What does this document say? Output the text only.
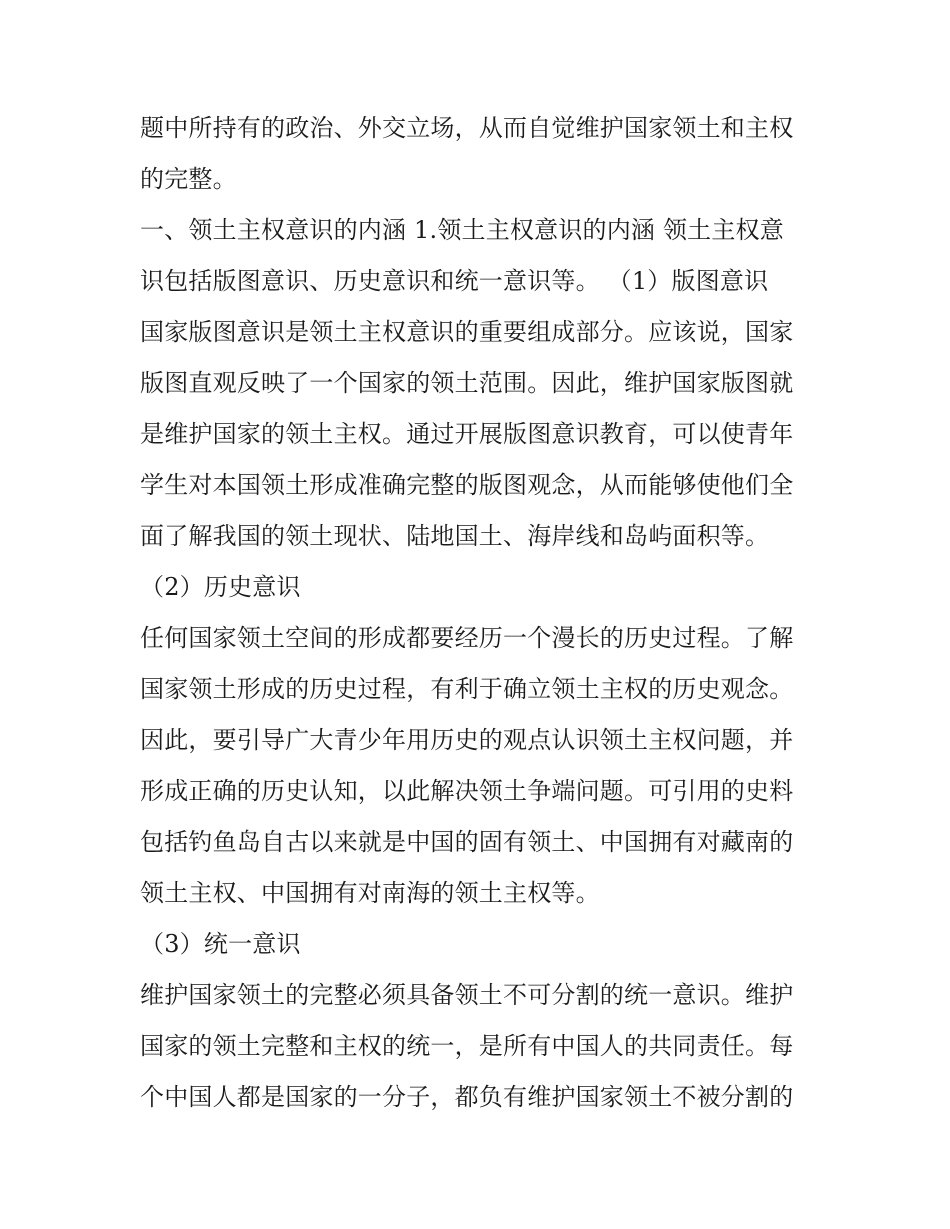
题中所持有的政治、外交立场，从而自觉维护国家领土和主权
的完整。
一、领土主权意识的内涵 1.领土主权意识的内涵 领土主权意
识包括版图意识、历史意识和统一意识等。 （1）版图意识
国家版图意识是领土主权意识的重要组成部分。应该说，国家
版图直观反映了一个国家的领土范围。因此，维护国家版图就
是维护国家的领土主权。通过开展版图意识教育，可以使青年
学生对本国领土形成准确完整的版图观念，从而能够使他们全
面了解我国的领土现状、陆地国土、海岸线和岛屿面积等。
（2）历史意识
任何国家领土空间的形成都要经历一个漫长的历史过程。了解
国家领土形成的历史过程，有利于确立领土主权的历史观念。
因此，要引导广大青少年用历史的观点认识领土主权问题，并
形成正确的历史认知，以此解决领土争端问题。可引用的史料
包括钓鱼岛自古以来就是中国的固有领土、中国拥有对藏南的
领土主权、中国拥有对南海的领土主权等。
（3）统一意识
维护国家领土的完整必须具备领土不可分割的统一意识。维护
国家的领土完整和主权的统一，是所有中国人的共同责任。每
个中国人都是国家的一分子，都负有维护国家领土不被分割的
